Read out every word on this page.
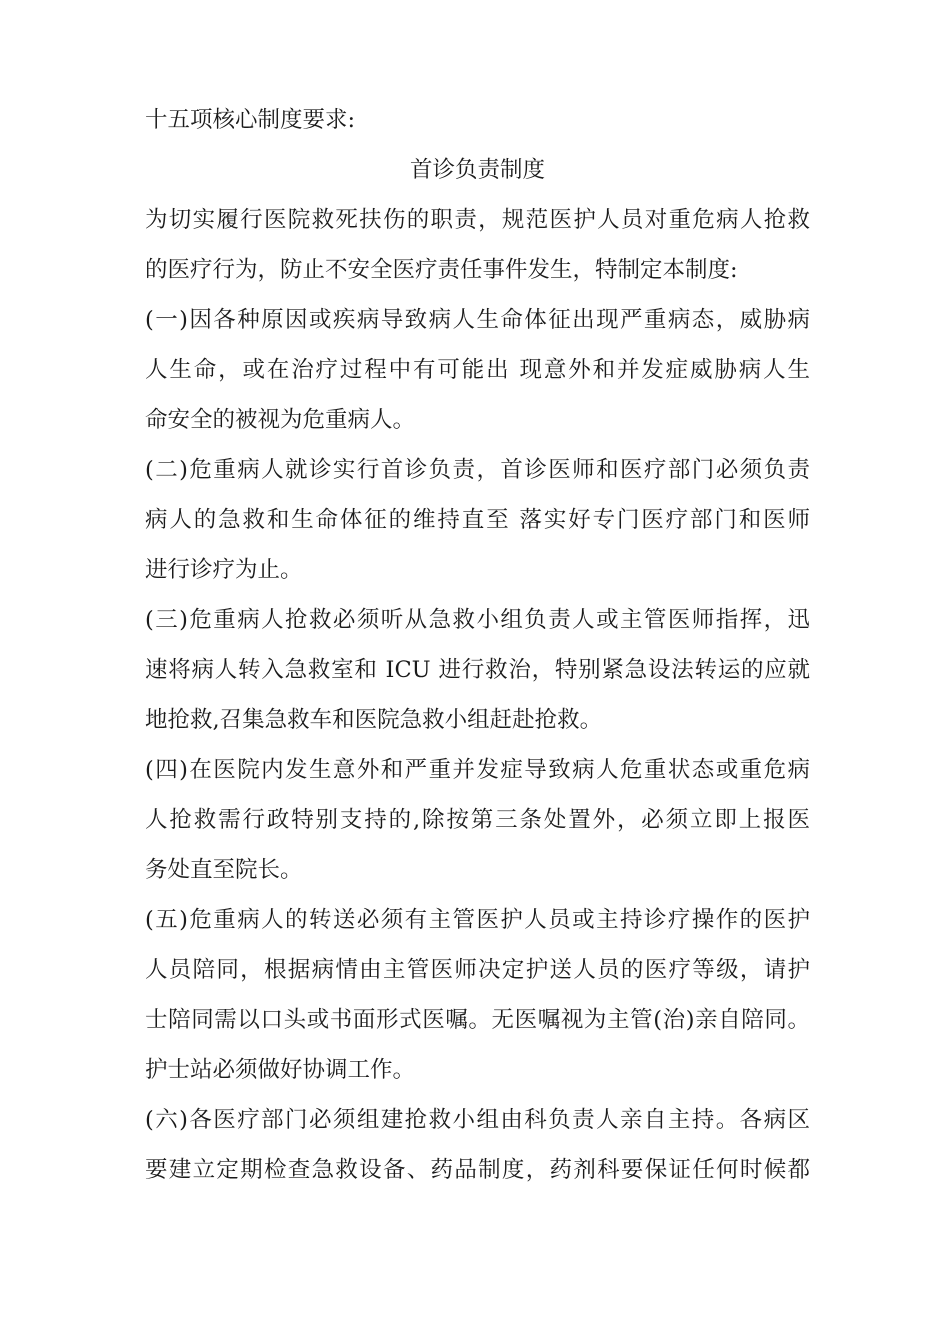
十五项核心制度要求:
首诊负责制度
为切实履行医院救死扶伤的职责，规范医护人员对重危病人抢救
的医疗行为，防止不安全医疗责任事件发生，特制定本制度:
(一)因各种原因或疾病导致病人生命体征出现严重病态，威胁病
人生命，或在治疗过程中有可能出 现意外和并发症威胁病人生
命安全的被视为危重病人。
(二)危重病人就诊实行首诊负责，首诊医师和医疗部门必须负责
病人的急救和生命体征的维持直至 落实好专门医疗部门和医师
进行诊疗为止。
(三)危重病人抢救必须听从急救小组负责人或主管医师指挥，迅
速将病人转入急救室和 ICU 进行救治，特别紧急设法转运的应就
地抢救,召集急救车和医院急救小组赶赴抢救。
(四)在医院内发生意外和严重并发症导致病人危重状态或重危病
人抢救需行政特别支持的,除按第三条处置外，必须立即上报医
务处直至院长。
(五)危重病人的转送必须有主管医护人员或主持诊疗操作的医护
人员陪同，根据病情由主管医师决定护送人员的医疗等级，请护
士陪同需以口头或书面形式医嘱。无医嘱视为主管(治)亲自陪同。
护士站必须做好协调工作。
(六)各医疗部门必须组建抢救小组由科负责人亲自主持。各病区
要建立定期检查急救设备、药品制度，药剂科要保证任何时候都
